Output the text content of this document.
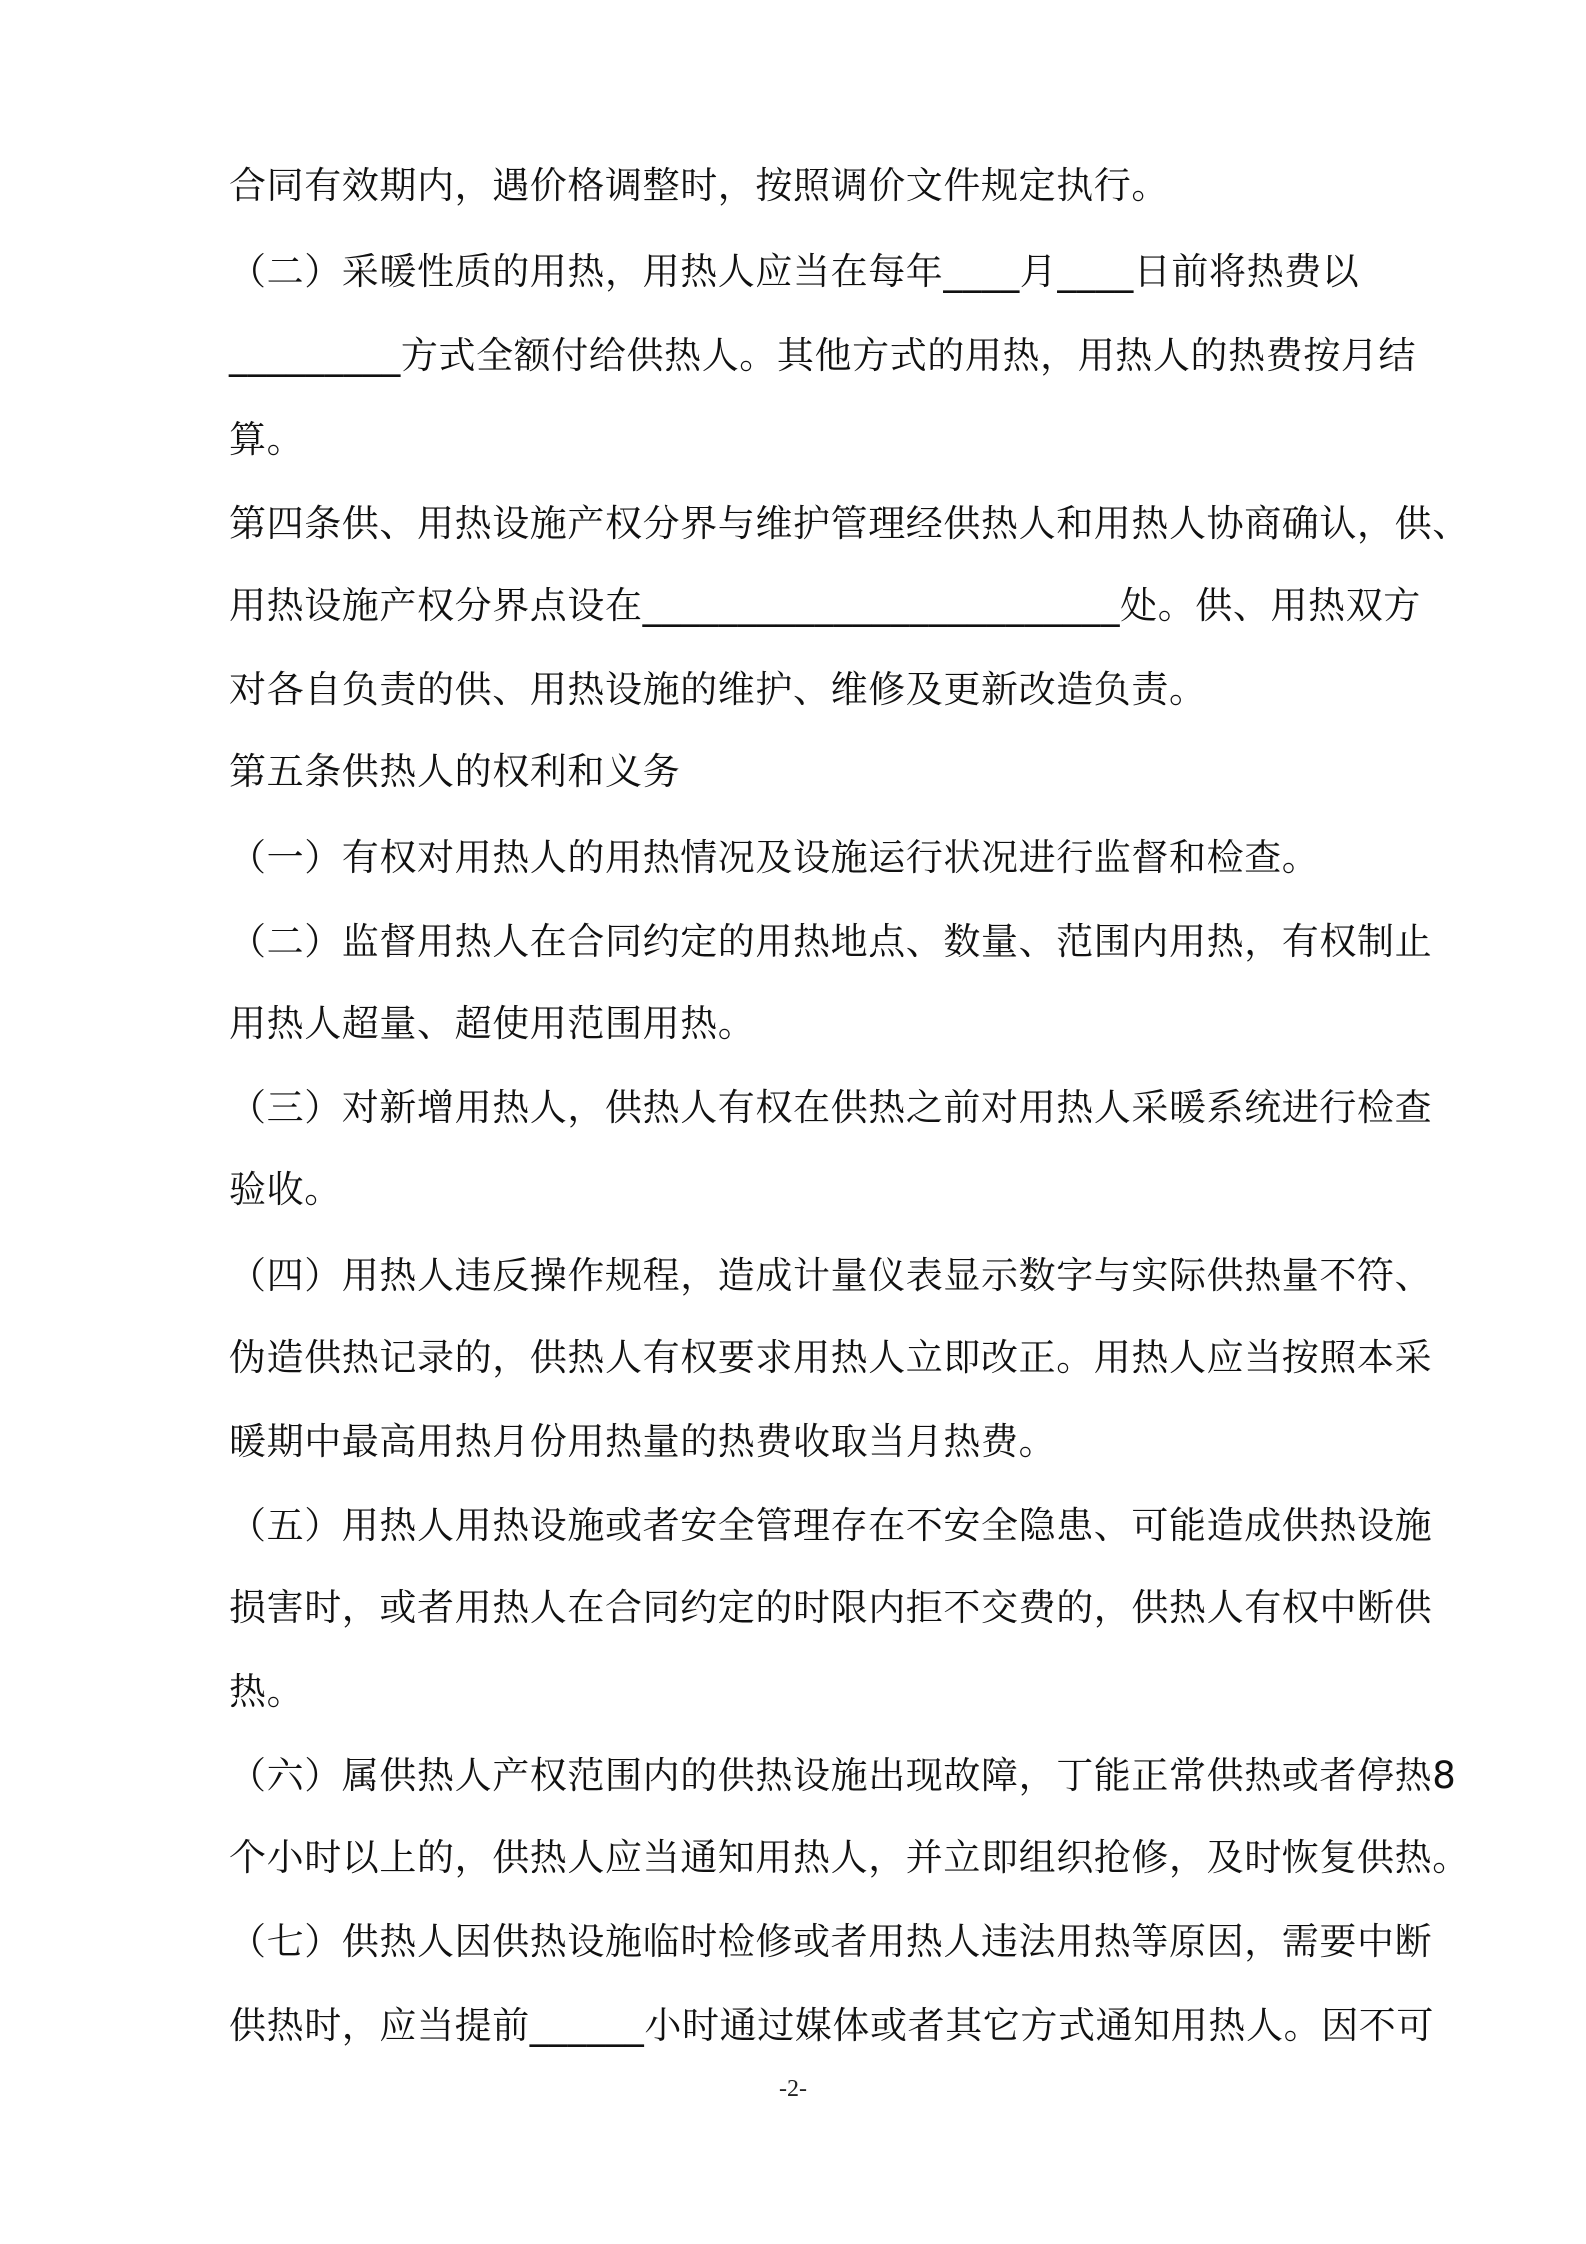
合同有效期内，遇价格调整时，按照调价文件规定执行。
（二）采暖性质的用热，用热人应当在每年____月____日前将热费以
_________方式全额付给供热人。其他方式的用热，用热人的热费按月结
算。
第四条供、用热设施产权分界与维护管理经供热人和用热人协商确认，供、
用热设施产权分界点设在_________________________处。供、用热双方
对各自负责的供、用热设施的维护、维修及更新改造负责。
第五条供热人的权利和义务
（一）有权对用热人的用热情况及设施运行状况进行监督和检查。
（二）监督用热人在合同约定的用热地点、数量、范围内用热，有权制止
用热人超量、超使用范围用热。
（三）对新增用热人，供热人有权在供热之前对用热人采暖系统进行检查
验收。
（四）用热人违反操作规程，造成计量仪表显示数字与实际供热量不符、
伪造供热记录的，供热人有权要求用热人立即改正。用热人应当按照本采
暖期中最高用热月份用热量的热费收取当月热费。
（五）用热人用热设施或者安全管理存在不安全隐患、可能造成供热设施
损害时，或者用热人在合同约定的时限内拒不交费的，供热人有权中断供
热。
（六）属供热人产权范围内的供热设施出现故障，丁能正常供热或者停热8
个小时以上的，供热人应当通知用热人，并立即组织抢修，及时恢复供热。
（七）供热人因供热设施临时检修或者用热人违法用热等原因，需要中断
供热时，应当提前______小时通过媒体或者其它方式通知用热人。因不可
-2-
